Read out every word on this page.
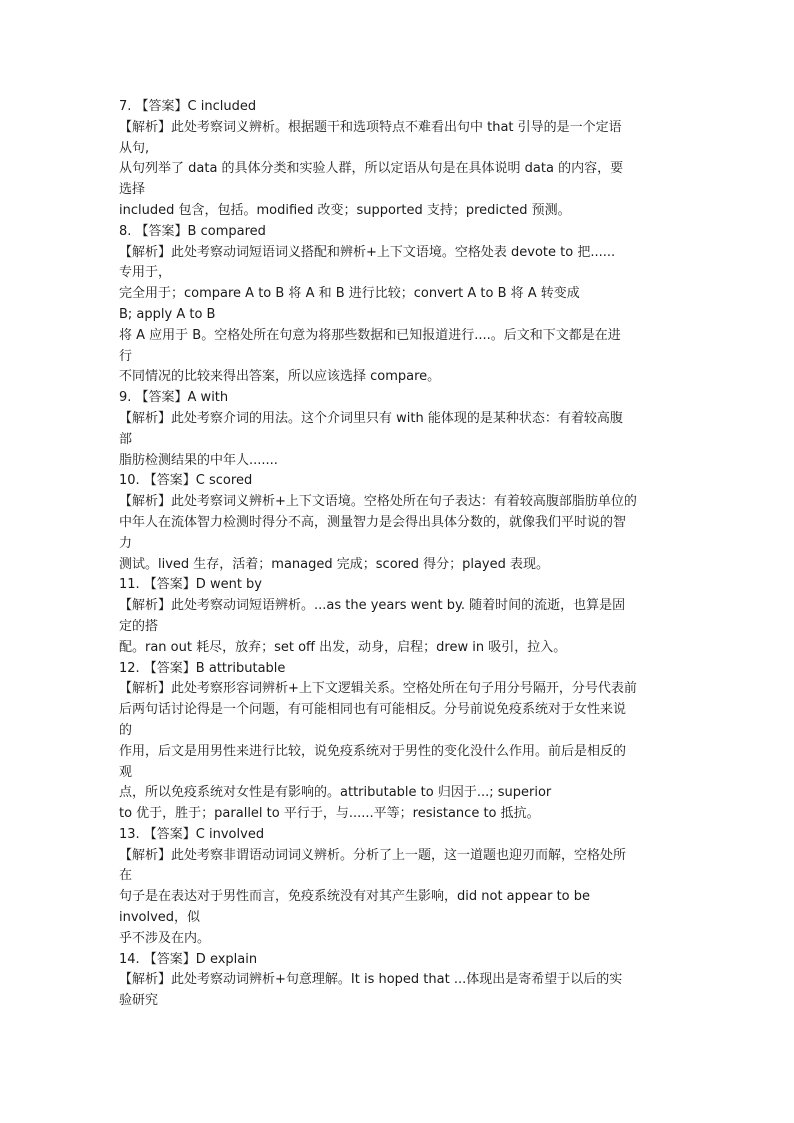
7. 【答案】C included
【解析】此处考察词义辨析。根据题干和选项特点不难看出句中 that 引导的是一个定语
从句,
从句列举了 data 的具体分类和实验人群，所以定语从句是在具体说明 data 的内容，要
选择
included 包含，包括。modified 改变；supported 支持；predicted 预测。
8. 【答案】B compared
【解析】此处考察动词短语词义搭配和辨析+上下文语境。空格处表 devote to 把......
专用于，
完全用于；compare A to B 将 A 和 B 进行比较；convert A to B 将 A 转变成
B; apply A to B
将 A 应用于 B。空格处所在句意为将那些数据和已知报道进行....。后文和下文都是在进
行
不同情况的比较来得出答案，所以应该选择 compare。
9. 【答案】A with
【解析】此处考察介词的用法。这个介词里只有 with 能体现的是某种状态：有着较高腹
部
脂肪检测结果的中年人.......
10. 【答案】C scored
【解析】此处考察词义辨析+上下文语境。空格处所在句子表达：有着较高腹部脂肪单位的
中年人在流体智力检测时得分不高，测量智力是会得出具体分数的，就像我们平时说的智
力
测试。lived 生存，活着；managed 完成；scored 得分；played 表现。
11. 【答案】D went by
【解析】此处考察动词短语辨析。...as the years went by. 随着时间的流逝，也算是固
定的搭
配。ran out 耗尽，放弃；set off 出发，动身，启程；drew in 吸引，拉入。
12. 【答案】B attributable
【解析】此处考察形容词辨析+上下文逻辑关系。空格处所在句子用分号隔开，分号代表前
后两句话讨论得是一个问题，有可能相同也有可能相反。分号前说免疫系统对于女性来说
的
作用，后文是用男性来进行比较，说免疫系统对于男性的变化没什么作用。前后是相反的
观
点，所以免疫系统对女性是有影响的。attributable to 归因于...; superior
to 优于，胜于；parallel to 平行于，与......平等；resistance to 抵抗。
13. 【答案】C involved
【解析】此处考察非谓语动词词义辨析。分析了上一题，这一道题也迎刃而解，空格处所
在
句子是在表达对于男性而言，免疫系统没有对其产生影响，did not appear to be
involved，似
乎不涉及在内。
14. 【答案】D explain
【解析】此处考察动词辨析+句意理解。It is hoped that ...体现出是寄希望于以后的实
验研究
